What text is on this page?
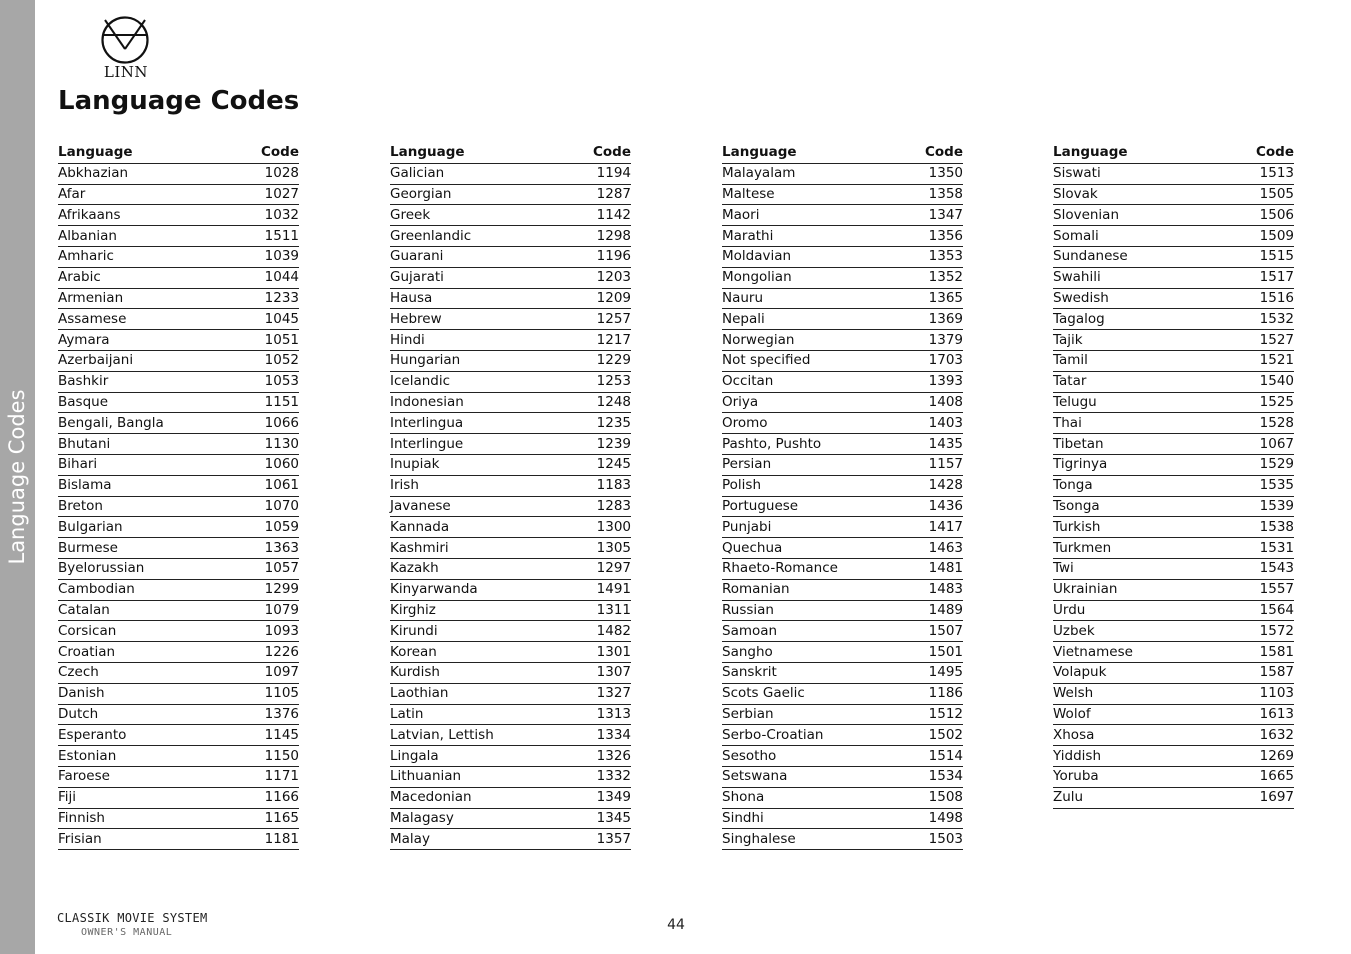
Language Codes
LINN
Language Codes
Language	Code
Abkhazian	1028
Afar	1027
Afrikaans	1032
Albanian	1511
Amharic	1039
Arabic	1044
Armenian	1233
Assamese	1045
Aymara	1051
Azerbaijani	1052
Bashkir	1053
Basque	1151
Bengali, Bangla	1066
Bhutani	1130
Bihari	1060
Bislama	1061
Breton	1070
Bulgarian	1059
Burmese	1363
Byelorussian	1057
Cambodian	1299
Catalan	1079
Corsican	1093
Croatian	1226
Czech	1097
Danish	1105
Dutch	1376
Esperanto	1145
Estonian	1150
Faroese	1171
Fiji	1166
Finnish	1165
Frisian	1181
Language	Code
Galician	1194
Georgian	1287
Greek	1142
Greenlandic	1298
Guarani	1196
Gujarati	1203
Hausa	1209
Hebrew	1257
Hindi	1217
Hungarian	1229
Icelandic	1253
Indonesian	1248
Interlingua	1235
Interlingue	1239
Inupiak	1245
Irish	1183
Javanese	1283
Kannada	1300
Kashmiri	1305
Kazakh	1297
Kinyarwanda	1491
Kirghiz	1311
Kirundi	1482
Korean	1301
Kurdish	1307
Laothian	1327
Latin	1313
Latvian, Lettish	1334
Lingala	1326
Lithuanian	1332
Macedonian	1349
Malagasy	1345
Malay	1357
Language	Code
Malayalam	1350
Maltese	1358
Maori	1347
Marathi	1356
Moldavian	1353
Mongolian	1352
Nauru	1365
Nepali	1369
Norwegian	1379
Not specified	1703
Occitan	1393
Oriya	1408
Oromo	1403
Pashto, Pushto	1435
Persian	1157
Polish	1428
Portuguese	1436
Punjabi	1417
Quechua	1463
Rhaeto-Romance	1481
Romanian	1483
Russian	1489
Samoan	1507
Sangho	1501
Sanskrit	1495
Scots Gaelic	1186
Serbian	1512
Serbo-Croatian	1502
Sesotho	1514
Setswana	1534
Shona	1508
Sindhi	1498
Singhalese	1503
Language	Code
Siswati	1513
Slovak	1505
Slovenian	1506
Somali	1509
Sundanese	1515
Swahili	1517
Swedish	1516
Tagalog	1532
Tajik	1527
Tamil	1521
Tatar	1540
Telugu	1525
Thai	1528
Tibetan	1067
Tigrinya	1529
Tonga	1535
Tsonga	1539
Turkish	1538
Turkmen	1531
Twi	1543
Ukrainian	1557
Urdu	1564
Uzbek	1572
Vietnamese	1581
Volapuk	1587
Welsh	1103
Wolof	1613
Xhosa	1632
Yiddish	1269
Yoruba	1665
Zulu	1697
CLASSIK MOVIE SYSTEM
OWNER'S MANUAL	44
